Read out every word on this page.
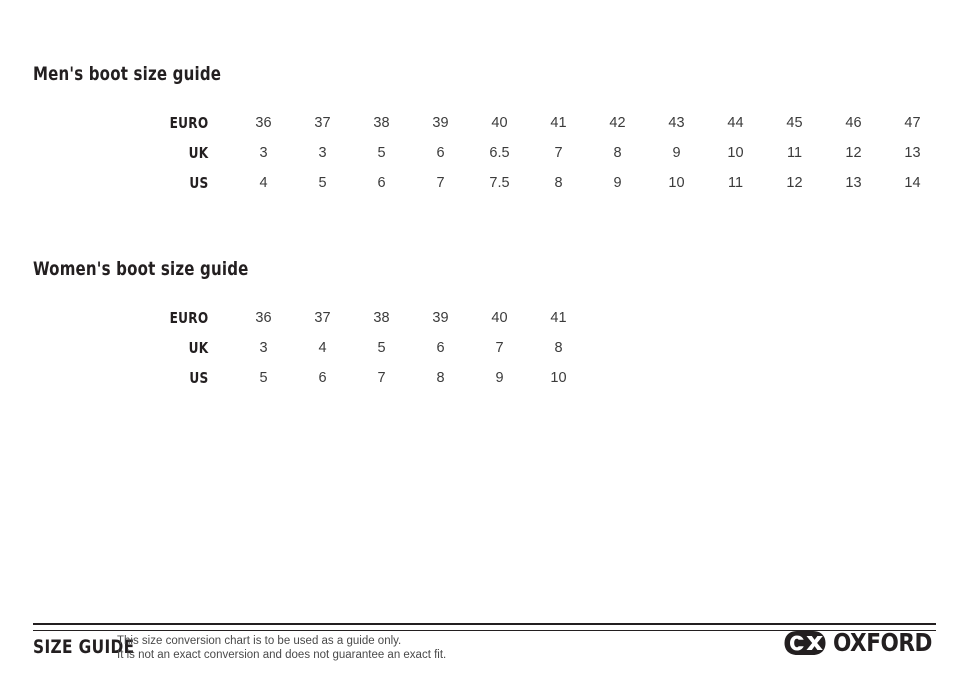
Men's boot size guide
EURO	36	37	38	39	40	41	42	43	44	45	46	47
UK	3	3	5	6	6.5	7	8	9	10	11	12	13
US	4	5	6	7	7.5	8	9	10	11	12	13	14
Women's boot size guide
EURO	36	37	38	39	40	41
UK	3	4	5	6	7	8
US	5	6	7	8	9	10
SIZE GUIDE
This size conversion chart is to be used as a guide only.
It is not an exact conversion and does not guarantee an exact fit.	OXFORD
